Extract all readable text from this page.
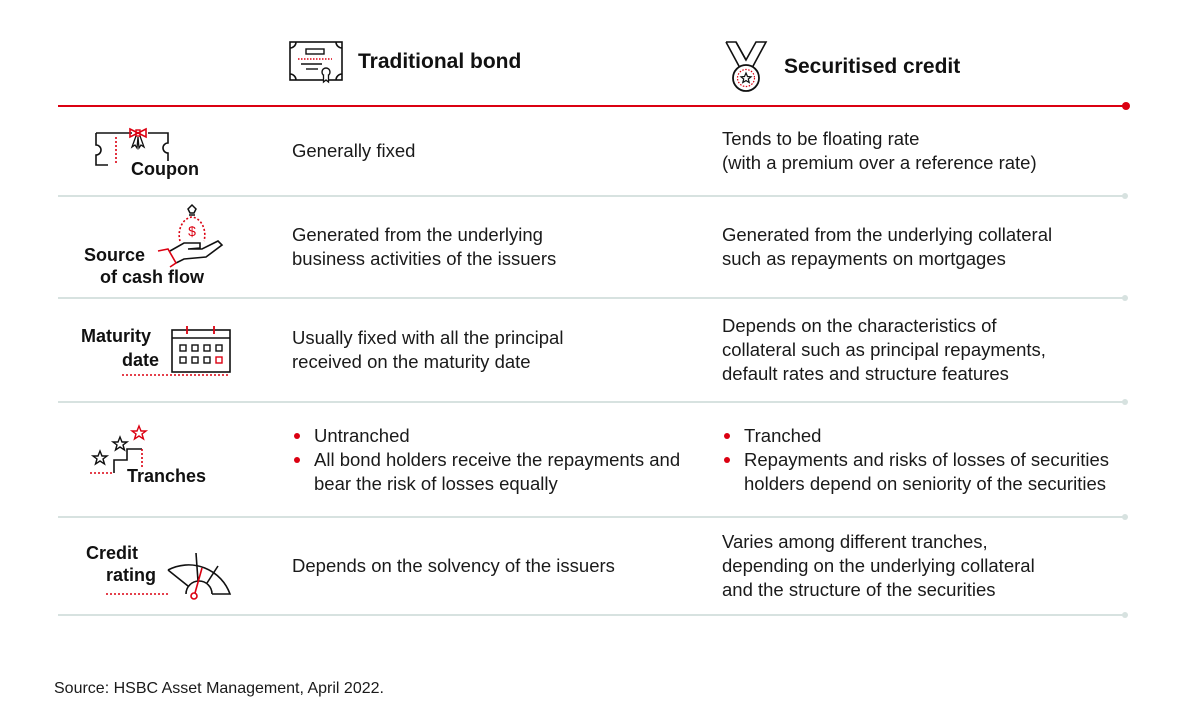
Traditional bond	Securitised credit
Coupon
Generally fixed
Tends to be floating rate
(with a premium over a reference rate)
$
Source
of cash flow
Generated from the underlying
business activities of the issuers
Generated from the underlying collateral
such as repayments on mortgages
Maturity
date
Usually fixed with all the principal
received on the maturity date
Depends on the characteristics of
collateral such as principal repayments,
default rates and structure features
Tranches
Untranched
All bond holders receive the repayments and bear the risk of losses equally
Tranched
Repayments and risks of losses of securities holders depend on seniority of the securities
Credit
rating	Depends on the solvency of the issuers
Varies among different tranches,
depending on the underlying collateral
and the structure of the securities
Source: HSBC Asset Management, April 2022.
